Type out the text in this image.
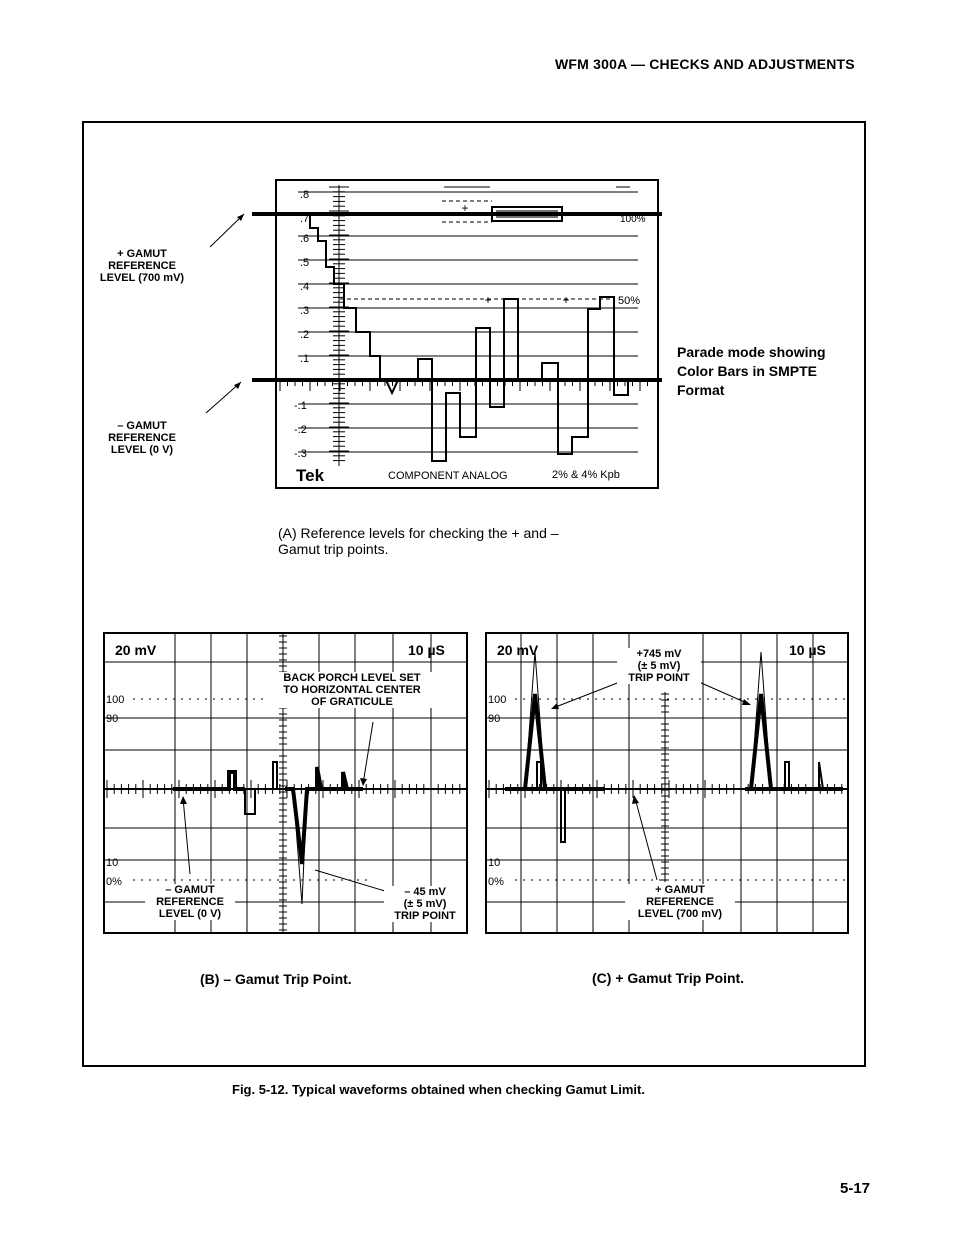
WFM 300A — CHECKS AND ADJUSTMENTS
+	+
+
.8
.7
.6
.5
.4
.3
.2
.1
-.1
-.2
-.3
100%
50%
Tek	COMPONENT ANALOG	2% & 4% Kpb
+ GAMUT
REFERENCE
LEVEL (700 mV)
– GAMUT
REFERENCE
LEVEL (0 V)
Parade mode showing
Color Bars in SMPTE
Format
(A) Reference levels for checking the + and –
Gamut trip points.
20 mV	10 µS
100
90
10
0%
BACK PORCH LEVEL SET
TO HORIZONTAL CENTER
OF GRATICULE
– GAMUT
REFERENCE
LEVEL (0 V)
– 45 mV
(± 5 mV)
TRIP POINT
(B) – Gamut Trip Point.
20 mV	10 µS
100
90
10
0%
+745 mV
(± 5 mV)
TRIP POINT
+ GAMUT
REFERENCE
LEVEL (700 mV)
(C) + Gamut Trip Point.
Fig. 5-12. Typical waveforms obtained when checking Gamut Limit.
5-17
